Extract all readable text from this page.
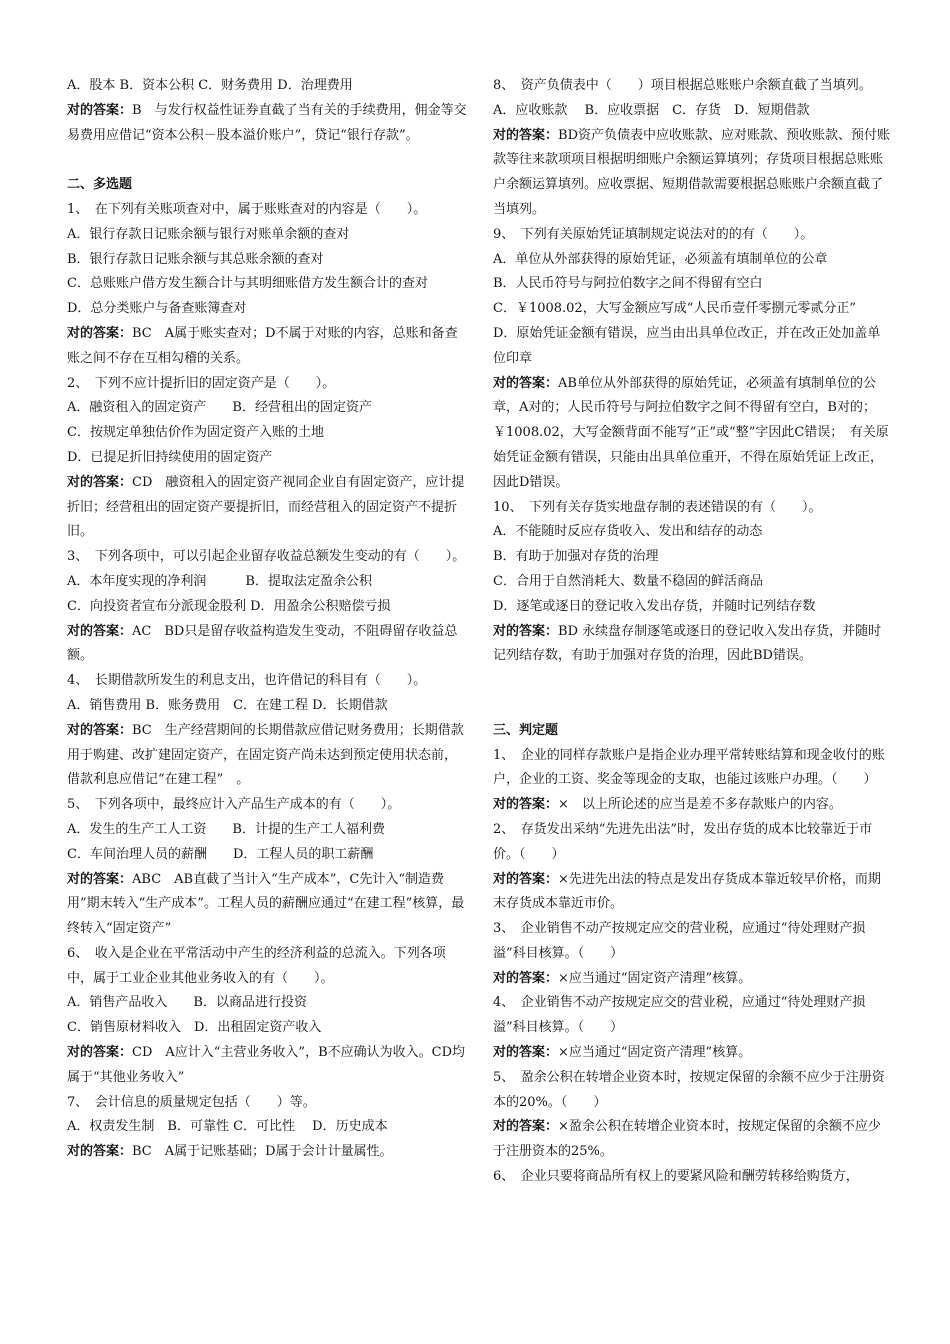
A．股本 B．资本公积 C．财务费用 D．治理费用
对的答案：B　与发行权益性证券直截了当有关的手续费用，佣金等交易费用应借记“资本公积－股本溢价账户”，贷记“银行存款”。
二、多选题
1、　在下列有关账项查对中，属于账账查对的内容是（　　）。
A．银行存款日记账余额与银行对账单余额的查对
B．银行存款日记账余额与其总账余额的查对
C．总账账户借方发生额合计与其明细账借方发生额合计的查对
D．总分类账户与备查账簿查对
对的答案：BC　A属于账实查对；D不属于对账的内容，总账和备查账之间不存在互相勾稽的关系。
2、　下列不应计提折旧的固定资产是（　　）。
A．融资租入的固定资产　　B．经营租出的固定资产
C．按规定单独估价作为固定资产入账的土地
D．已提足折旧持续使用的固定资产
对的答案：CD　融资租入的固定资产视同企业自有固定资产，应计提折旧；经营租出的固定资产要提折旧，而经营租入的固定资产不提折旧。
3、　下列各项中，可以引起企业留存收益总额发生变动的有（　　）。
A．本年度实现的净利润　　　B．提取法定盈余公积
C．向投资者宣布分派现金股利 D．用盈余公积赔偿亏损
对的答案：AC　BD只是留存收益构造发生变动，不阻碍留存收益总额。
4、　长期借款所发生的利息支出，也许借记的科目有（　　）。
A．销售费用 B．账务费用　C．在建工程 D．长期借款
对的答案：BC　生产经营期间的长期借款应借记财务费用；长期借款用于购建、改扩建固定资产，在固定资产尚未达到预定使用状态前，借款利息应借记“在建工程”　。
5、　下列各项中，最终应计入产品生产成本的有（　　）。
A．发生的生产工人工资　　B．计提的生产工人福利费
C．车间治理人员的薪酬　　D．工程人员的职工薪酬
对的答案：ABC　AB直截了当计入“生产成本”，C先计入“制造费用”期末转入“生产成本”。工程人员的薪酬应通过“在建工程”核算，最终转入“固定资产”
6、　收入是企业在平常活动中产生的经济利益的总流入。下列各项中，属于工业企业其他业务收入的有（　　）。
A．销售产品收入　　B．以商品进行投资
C．销售原材料收入　D．出租固定资产收入
对的答案：CD　A应计入“主营业务收入”，B不应确认为收入。CD均属于“其他业务收入”
7、　会计信息的质量规定包括（　　）等。
A．权责发生制　B．可靠性 C．可比性　 D．历史成本
对的答案：BC　A属于记账基础；D属于会计计量属性。
8、　资产负债表中（　　）项目根据总账账户余额直截了当填列。
A．应收账款　 B．应收票据　C．存货　D．短期借款
对的答案：BD资产负债表中应收账款、应对账款、预收账款、预付账款等往来款项项目根据明细账户余额运算填列；存货项目根据总账账户余额运算填列。应收票据、短期借款需要根据总账账户余额直截了当填列。
9、　下列有关原始凭证填制规定说法对的的有（　　）。
A．单位从外部获得的原始凭证，必须盖有填制单位的公章
B．人民币符号与阿拉伯数字之间不得留有空白
C．￥1008.02，大写金额应写成“人民币壹仟零捌元零贰分正”
D．原始凭证金额有错误，应当由出具单位改正，并在改正处加盖单位印章
对的答案：AB单位从外部获得的原始凭证，必须盖有填制单位的公章，A对的；人民币符号与阿拉伯数字之间不得留有空白，B对的；￥1008.02，大写金额背面不能写“正”或“整”字因此C错误；　有关原始凭证金额有错误，只能由出具单位重开，不得在原始凭证上改正，因此D错误。
10、　下列有关存货实地盘存制的表述错误的有（　　）。
A．不能随时反应存货收入、发出和结存的动态
B．有助于加强对存货的治理
C．合用于自然消耗大、数量不稳固的鲜活商品
D．逐笔或逐日的登记收入发出存货，并随时记列结存数
对的答案：BD 永续盘存制逐笔或逐日的登记收入发出存货，并随时记列结存数，有助于加强对存货的治理，因此BD错误。
三、判定题
1、　企业的同样存款账户是指企业办理平常转账结算和现金收付的账户，企业的工资、奖金等现金的支取，也能过该账户办理。（　　）
对的答案：×　以上所论述的应当是差不多存款账户的内容。
2、　存货发出采纳“先进先出法”时，发出存货的成本比较靠近于市价。（　　）
对的答案：×先进先出法的特点是发出存货成本靠近较早价格，而期末存货成本靠近市价。
3、　企业销售不动产按规定应交的营业税，应通过“待处理财产损溢”科目核算。（　　）
对的答案：×应当通过“固定资产清理”核算。
4、　企业销售不动产按规定应交的营业税，应通过“待处理财产损溢”科目核算。（　　）
对的答案：×应当通过“固定资产清理”核算。
5、　盈余公积在转增企业资本时，按规定保留的余额不应少于注册资本的20%。（　　）
对的答案：×盈余公积在转增企业资本时，按规定保留的余额不应少于注册资本的25%。
6、　企业只要将商品所有权上的要紧风险和酬劳转移给购货方，
